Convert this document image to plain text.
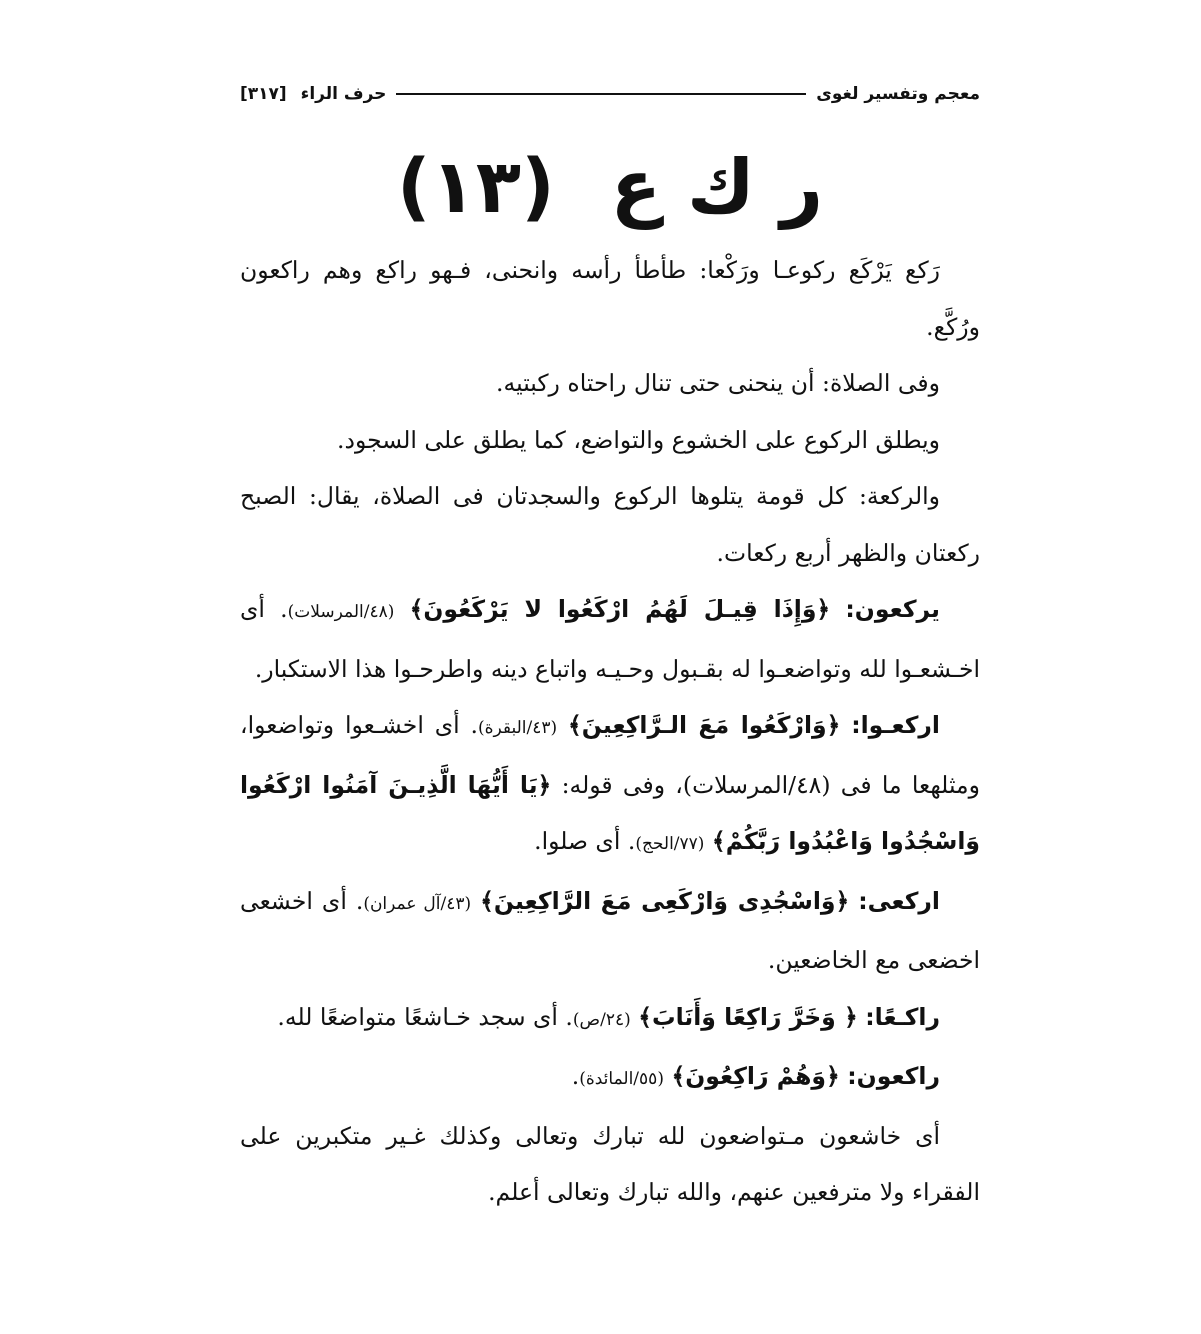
معجم وتفسير لغوى
حرف الراء [٣١٧]
ر ك ع (١٣)

رَكع يَرْكَع ركوعـا ورَكْعا: طأطأ رأسه وانحنى، فـهو راكع وهم راكعون ورُكَّع.

وفى الصلاة: أن ينحنى حتى تنال راحتاه ركبتيه.

ويطلق الركوع على الخشوع والتواضع، كما يطلق على السجود.

والركعة: كل قومة يتلوها الركوع والسجدتان فى الصلاة، يقال: الصبح ركعتان والظهر أربع ركعات.

يركعون: ﴿وَإِذَا قِيـلَ لَهُمُ ارْكَعُوا لا يَرْكَعُونَ﴾ (٤٨/المرسلات). أى اخـشعـوا لله وتواضعـوا له بقـبول وحـيـه واتباع دينه واطرحـوا هذا الاستكبار.

اركعـوا: ﴿وَارْكَعُوا مَعَ الـرَّاكِعِينَ﴾ (٤٣/البقرة). أى اخشـعوا وتواضعوا، ومثلهعا ما فى (٤٨/المرسلات)، وفى قوله: ﴿يَا أَيُّهَا الَّذِيـنَ آمَنُوا ارْكَعُوا وَاسْجُدُوا وَاعْبُدُوا رَبَّكُمْ﴾ (٧٧/الحج). أى صلوا.

اركعى: ﴿وَاسْجُدِى وَارْكَعِى مَعَ الرَّاكِعِينَ﴾ (٤٣/آل عمران). أى اخشعى اخضعى مع الخاضعين.

راكـعًا: ﴿ وَخَرَّ رَاكِعًا وَأَنَابَ﴾ (٢٤/ص). أى سجد خـاشعًا متواضعًا لله.

راكعون: ﴿وَهُمْ رَاكِعُونَ﴾ (٥٥/المائدة).

أى خاشعون مـتواضعون لله تبارك وتعالى وكذلك غـير متكبرين على الفقراء ولا مترفعين عنهم، والله تبارك وتعالى أعلم.
